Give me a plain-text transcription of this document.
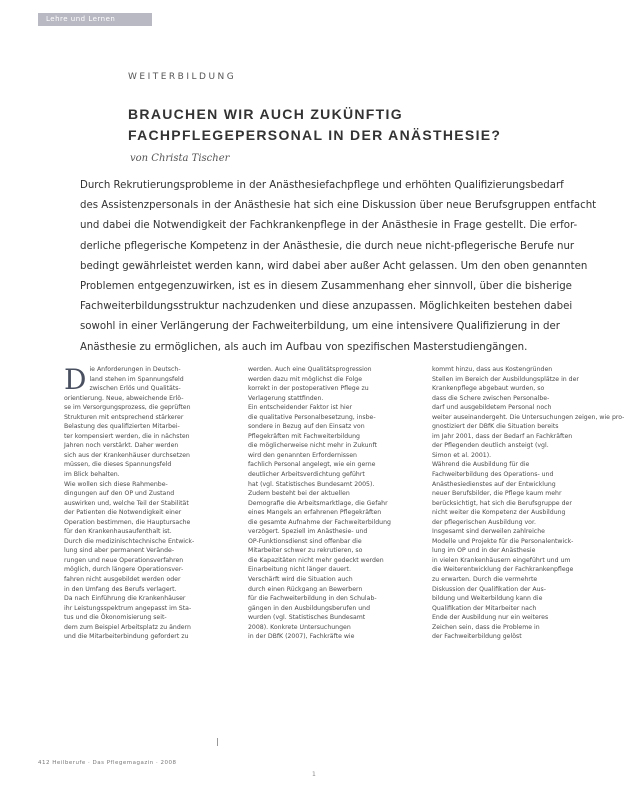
Lehre und Lernen
WEITERBILDUNG
BRAUCHEN WIR AUCH ZUKÜNFTIG
FACHPFLEGEPERSONAL IN DER ANÄSTHESIE?
von Christa Tischer

Durch Rekrutierungsprobleme in der Anästhesiefachpflege und erhöhten Qualifizierungsbedarf
des Assistenzpersonals in der Anästhesie hat sich eine Diskussion über neue Berufsgruppen entfacht
und dabei die Notwendigkeit der Fachkrankenpflege in der Anästhesie in Frage gestellt. Die erfor-
derliche pflegerische Kompetenz in der Anästhesie, die durch neue nicht-pflegerische Berufe nur
bedingt gewährleistet werden kann, wird dabei aber außer Acht gelassen. Um den oben genannten
Problemen entgegenzuwirken, ist es in diesem Zusammenhang eher sinnvoll, über die bisherige
Fachweiterbildungsstruktur nachzudenken und diese anzupassen. Möglichkeiten bestehen dabei
sowohl in einer Verlängerung der Fachweiterbildung, um eine intensivere Qualifizierung in der
Anästhesie zu ermöglichen, als auch im Aufbau von spezifischen Masterstudiengängen.

D ie Anforderungen in Deutsch-
land stehen im Spannungsfeld
zwischen Erlös und Qualitäts-
orientierung. Neue, abweichende Erlö-
se im Versorgungsprozess, die geprüften
Strukturen mit entsprechend stärkerer
Belastung des qualifizierten Mitarbei-
ter kompensiert werden, die in nächsten
Jahren noch verstärkt. Daher werden
sich aus der Krankenhäuser durchsetzen
müssen, die dieses Spannungsfeld
im Blick behalten.
Wie wollen sich diese Rahmenbe-
dingungen auf den OP und Zustand
auswirken und, welche Teil der Stabilität
der Patienten die Notwendigkeit einer
Operation bestimmen, die Hauptursache
für den Krankenhausaufenthalt ist.
Durch die medizinischtechnische Entwick-
lung sind aber permanent Verände-
rungen und neue Operationsverfahren
möglich, durch längere Operationsver-
fahren nicht ausgebildet werden oder
in den Umfang des Berufs verlagert.
Da nach Einführung die Krankenhäuser
ihr Leistungsspektrum angepasst im Sta-
tus und die Ökonomisierung seit-
dem zum Beispiel Arbeitsplatz zu ändern
und die Mitarbeiterbindung gefordert zu
werden. Auch eine Qualitätsprogression
werden dazu mit möglichst die Folge
korrekt in der postoperativen Pflege zu
Verlagerung stattfinden.
Ein entscheidender Faktor ist hier
die qualitative Personalbesetzung, insbe-
sondere in Bezug auf den Einsatz von
Pflegekräften mit Fachweiterbildung
die möglicherweise nicht mehr in Zukunft
wird den genannten Erfordernissen
fachlich Personal angelegt, wie ein gerne
deutlicher Arbeitsverdichtung geführt
hat (vgl. Statistisches Bundesamt 2005).
Zudem besteht bei der aktuellen
Demografie die Arbeitsmarktlage, die Gefahr
eines Mangels an erfahrenen Pflegekräften
die gesamte Aufnahme der Fachweiterbildung
verzögert. Speziell im Anästhesie- und
OP-Funktionsdienst sind offenbar die
Mitarbeiter schwer zu rekrutieren, so
die Kapazitäten nicht mehr gedeckt werden
Einarbeitung nicht länger dauert.
Verschärft wird die Situation auch
durch einen Rückgang an Bewerbern
für die Fachweiterbildung in den Schulab-
gängen in den Ausbildungsberufen und
wurden (vgl. Statistisches Bundesamt
2008). Konkrete Untersuchungen
in der DBfK (2007), Fachkräfte wie
kommt hinzu, dass aus Kostengründen
Stellen im Bereich der Ausbildungsplätze in der
Krankenpflege abgebaut wurden, so
dass die Schere zwischen Personalbe-
darf und ausgebildetem Personal noch
weiter auseinandergeht. Die Untersuchungen zeigen, wie pro-
gnostiziert der DBfK die Situation bereits
im Jahr 2001, dass der Bedarf an Fachkräften
der Pflegenden deutlich ansteigt (vgl.
Simon et al. 2001).
Während die Ausbildung für die
Fachweiterbildung des Operations- und
Anästhesiedienstes auf der Entwicklung
neuer Berufsbilder, die Pflege kaum mehr
berücksichtigt, hat sich die Berufsgruppe der
nicht weiter die Kompetenz der Ausbildung
der pflegerischen Ausbildung vor.
Insgesamt sind derweilen zahlreiche
Modelle und Projekte für die Personalentwick-
lung im OP und in der Anästhesie
in vielen Krankenhäusern eingeführt und um
die Weiterentwicklung der Fachkrankenpflege
zu erwarten. Durch die vermehrte
Diskussion der Qualifikation der Aus-
bildung und Weiterbildung kann die
Qualifikation der Mitarbeiter nach
Ende der Ausbildung nur ein weiteres
Zeichen sein, dass die Probleme in
der Fachweiterbildung gelöst
|
412 Heilberufe · Das Pflegemagazin · 2008
1
